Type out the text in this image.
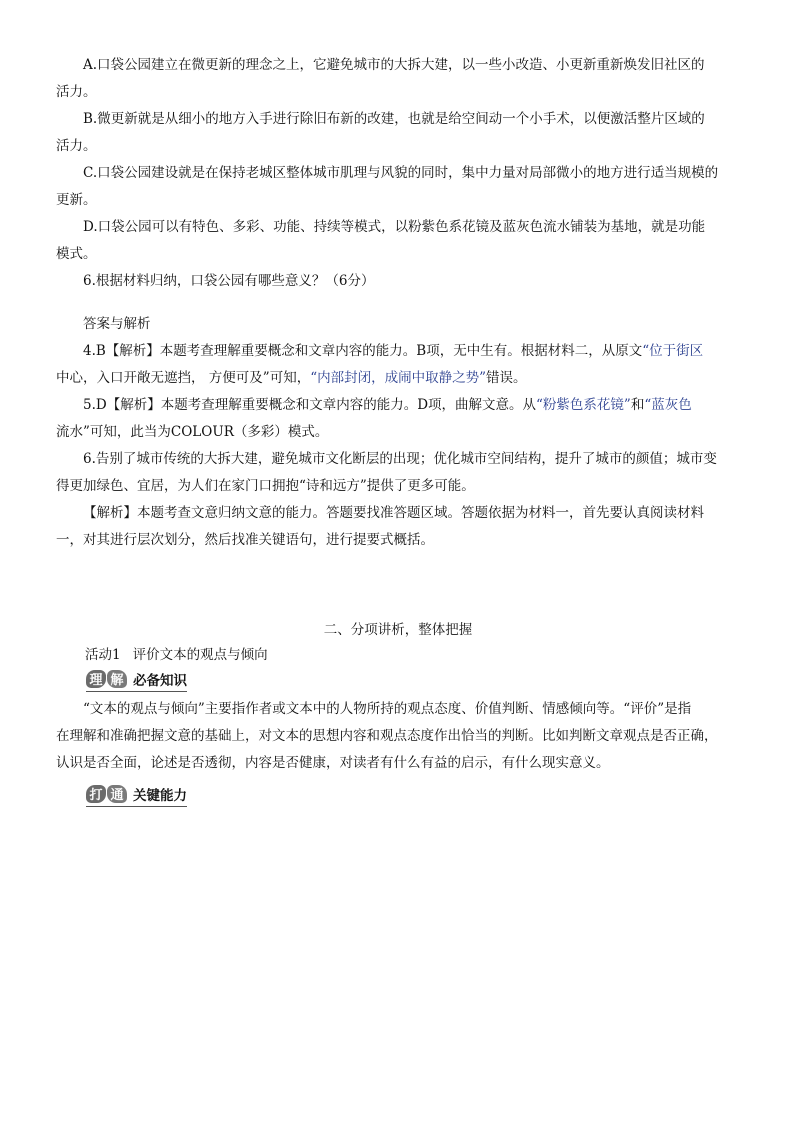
A.口袋公园建立在微更新的理念之上，它避免城市的大拆大建，以一些小改造、小更新重新焕发旧社区的

活力。

B.微更新就是从细小的地方入手进行除旧布新的改建，也就是给空间动一个小手术，以便激活整片区域的

活力。

C.口袋公园建设就是在保持老城区整体城市肌理与风貌的同时，集中力量对局部微小的地方进行适当规模的

更新。

D.口袋公园可以有特色、多彩、功能、持续等模式，以粉紫色系花镜及蓝灰色流水铺装为基地，就是功能

模式。

6.根据材料归纳，口袋公园有哪些意义？（6分）

答案与解析

4.B【解析】本题考查理解重要概念和文章内容的能力。B项，无中生有。根据材料二，从原文“位于街区

中心，入口开敞无遮挡， 方便可及”可知，“内部封闭，成闹中取静之势”错误。

5.D【解析】本题考查理解重要概念和文章内容的能力。D项，曲解文意。从“粉紫色系花镜”和“蓝灰色

流水”可知，此当为COLOUR（多彩）模式。

6.告别了城市传统的大拆大建，避免城市文化断层的出现；优化城市空间结构，提升了城市的颜值；城市变

得更加绿色、宜居，为人们在家门口拥抱“诗和远方”提供了更多可能。

【解析】本题考查文意归纳文意的能力。答题要找准答题区域。答题依据为材料一，首先要认真阅读材料

一，对其进行层次划分，然后找准关键语句，进行提要式概括。

二、分项讲析，整体把握
活动1 评价文本的观点与倾向
理 解 必备知识

“文本的观点与倾向”主要指作者或文本中的人物所持的观点态度、价值判断、情感倾向等。“评价”是指

在理解和准确把握文意的基础上，对文本的思想内容和观点态度作出恰当的判断。比如判断文章观点是否正确，

认识是否全面，论述是否透彻，内容是否健康，对读者有什么有益的启示，有什么现实意义。

打 通 关键能力
